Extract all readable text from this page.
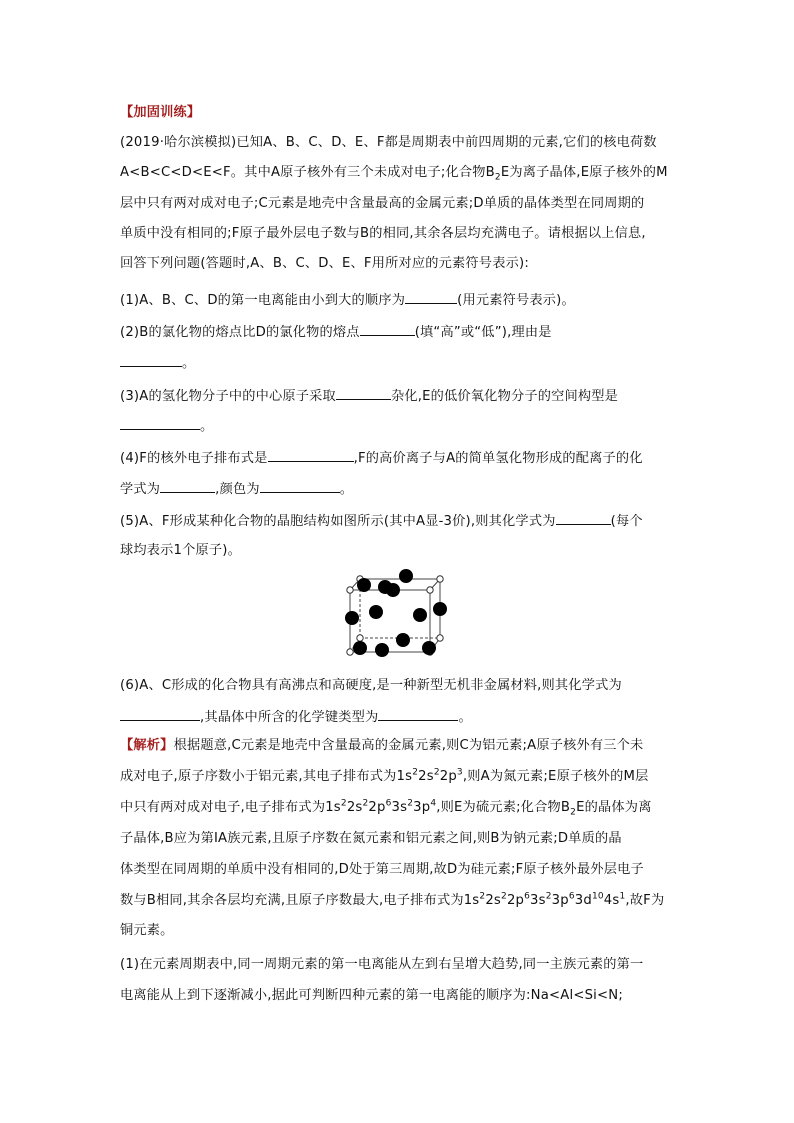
【加固训练】
(2019·哈尔滨模拟)已知A、B、C、D、E、F都是周期表中前四周期的元素,它们的核电荷数
A<B<C<D<E<F。其中A原子核外有三个未成对电子;化合物$B_2E$为离子晶体,E原子核外的M
层中只有两对成对电子;C元素是地壳中含量最高的金属元素;D单质的晶体类型在同周期的
单质中没有相同的;F原子最外层电子数与B的相同,其余各层均充满电子。请根据以上信息,
回答下列问题(答题时,A、B、C、D、E、F用所对应的元素符号表示):
(1)A、B、C、D的第一电离能由小到大的顺序为	(用元素符号表示)。
(2)B的氯化物的熔点比D的氯化物的熔点	(填“高”或“低”),理由是
。
(3)A的氢化物分子中的中心原子采取	杂化,E的低价氧化物分子的空间构型是
。
(4)F的核外电子排布式是	,F的高价离子与A的简单氢化物形成的配离子的化
学式为	,颜色为	。
(5)A、F形成某种化合物的晶胞结构如图所示(其中A显-3价),则其化学式为	(每个
球均表示1个原子)。
(6)A、C形成的化合物具有高沸点和高硬度,是一种新型无机非金属材料,则其化学式为
,其晶体中所含的化学键类型为	。
【解析】根据题意,C元素是地壳中含量最高的金属元素,则C为铝元素;A原子核外有三个未
成对电子,原子序数小于铝元素,其电子排布式为$1s^22s^22p^3$,则A为氮元素;E原子核外的M层
中只有两对成对电子,电子排布式为$1s^22s^22p^63s^23p^4$,则E为硫元素;化合物$B_2E$的晶体为离
子晶体,B应为第ⅠA族元素,且原子序数在氮元素和铝元素之间,则B为钠元素;D单质的晶
体类型在同周期的单质中没有相同的,D处于第三周期,故D为硅元素;F原子核外最外层电子
数与B相同,其余各层均充满,且原子序数最大,电子排布式为$1s^22s^22p^63s^23p^63d^{10}4s^1$,故F为
铜元素。
(1)在元素周期表中,同一周期元素的第一电离能从左到右呈增大趋势,同一主族元素的第一
电离能从上到下逐渐减小,据此可判断四种元素的第一电离能的顺序为:Na<Al<Si<N;
